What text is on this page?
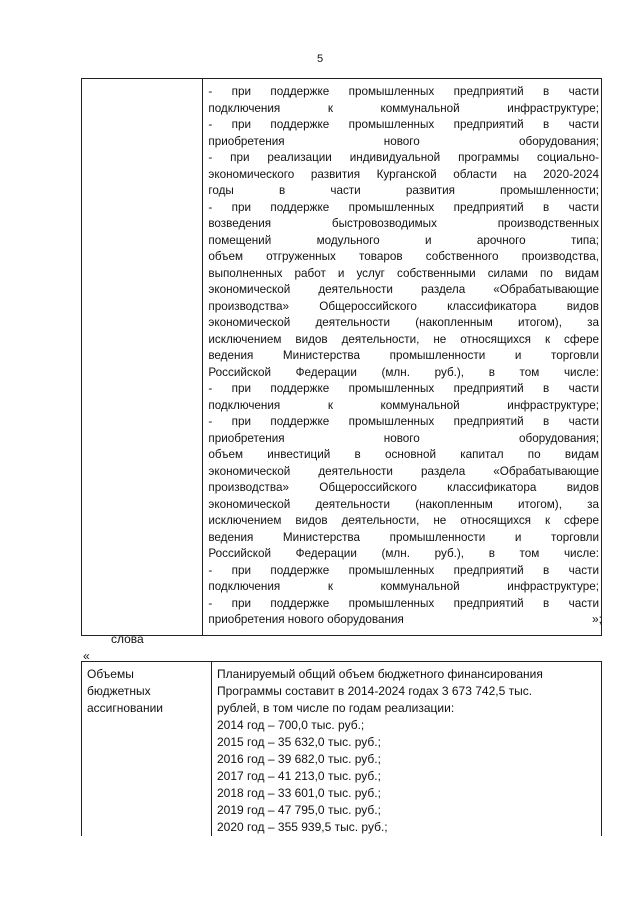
5

- при поддержке промышленных предприятий в части
подключения к коммунальной инфраструктуре;
- при поддержке промышленных предприятий в части
приобретения нового оборудования;
- при реализации индивидуальной программы социально-
экономического развития Курганской области на 2020-2024
годы в части развития промышленности;
- при поддержке промышленных предприятий в части
возведения быстровозводимых производственных
помещений модульного и арочного типа;
объем отгруженных товаров собственного производства,
выполненных работ и услуг собственными силами по видам
экономической деятельности раздела «Обрабатывающие
производства» Общероссийского классификатора видов
экономической деятельности (накопленным итогом), за
исключением видов деятельности, не относящихся к сфере
ведения Министерства промышленности и торговли
Российской Федерации (млн. руб.), в том числе:
- при поддержке промышленных предприятий в части
подключения к коммунальной инфраструктуре;
- при поддержке промышленных предприятий в части
приобретения нового оборудования;
объем инвестиций в основной капитал по видам
экономической деятельности раздела «Обрабатывающие
производства» Общероссийского классификатора видов
экономической деятельности (накопленным итогом), за
исключением видов деятельности, не относящихся к сфере
ведения Министерства промышленности и торговли
Российской Федерации (млн. руб.), в том числе:
- при поддержке промышленных предприятий в части
подключения к коммунальной инфраструктуре;
- при поддержке промышленных предприятий в части
приобретения нового оборудования	»;
слова
«
Объемы
бюджетных
ассигновании

Планируемый общий объем бюджетного финансирования
Программы составит в 2014-2024 годах 3 673 742,5 тыс.
рублей, в том числе по годам реализации:
2014 год – 700,0 тыс. руб.;
2015 год – 35 632,0 тыс. руб.;
2016 год – 39 682,0 тыс. руб.;
2017 год – 41 213,0 тыс. руб.;
2018 год – 33 601,0 тыс. руб.;
2019 год – 47 795,0 тыс. руб.;
2020 год – 355 939,5 тыс. руб.;
